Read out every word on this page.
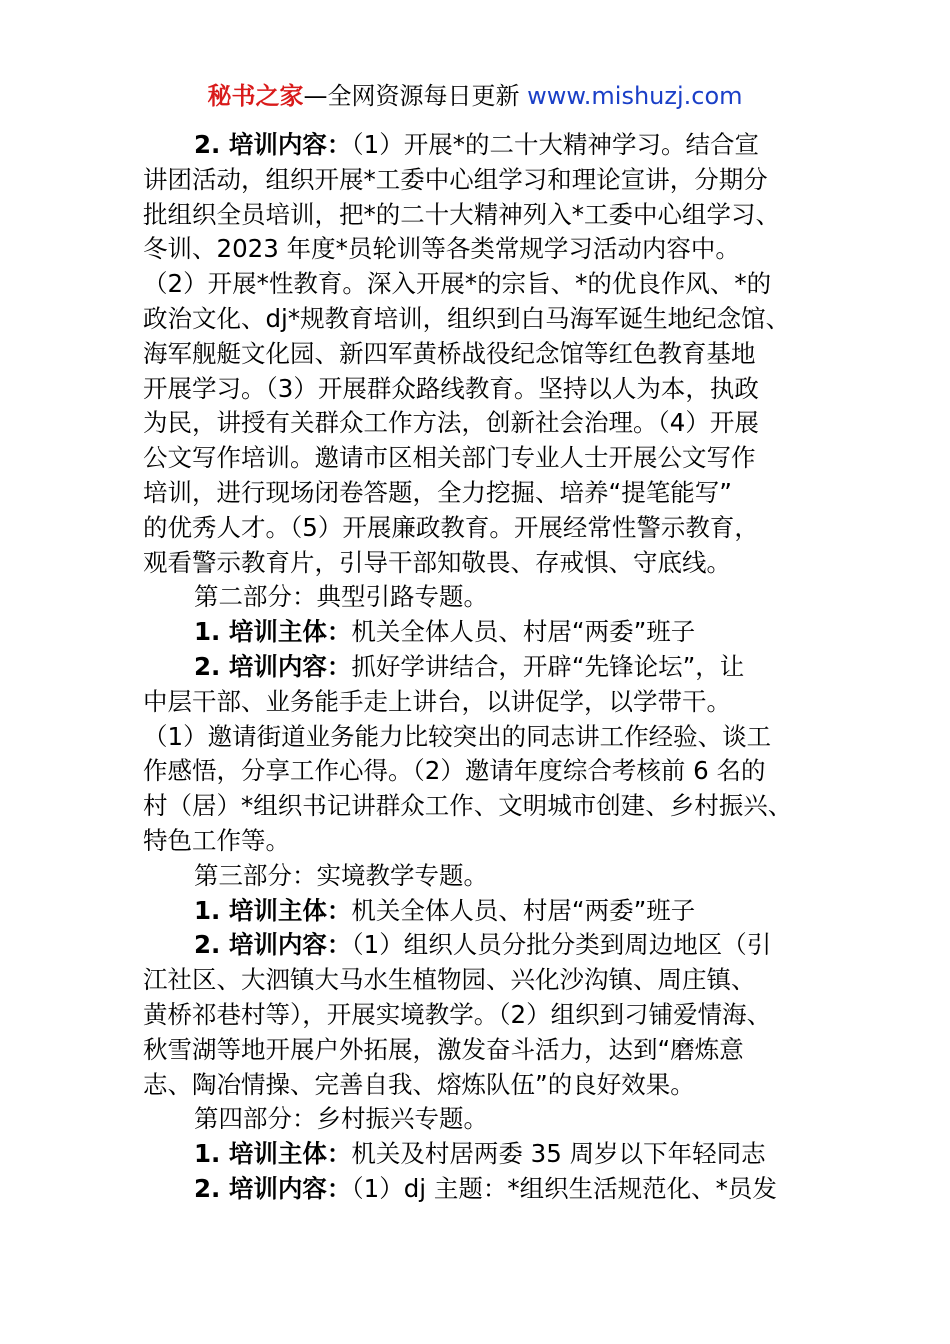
秘书之家—全网资源每日更新 www.mishuzj.com
2. 培训内容：（1）开展*的二十大精神学习。结合宣
讲团活动，组织开展*工委中心组学习和理论宣讲，分期分
批组织全员培训，把*的二十大精神列入*工委中心组学习、
冬训、2023 年度*员轮训等各类常规学习活动内容中。
（2）开展*性教育。深入开展*的宗旨、*的优良作风、*的
政治文化、dj*规教育培训，组织到白马海军诞生地纪念馆、
海军舰艇文化园、新四军黄桥战役纪念馆等红色教育基地
开展学习。（3）开展群众路线教育。坚持以人为本，执政
为民，讲授有关群众工作方法，创新社会治理。（4）开展
公文写作培训。邀请市区相关部门专业人士开展公文写作
培训，进行现场闭卷答题，全力挖掘、培养“提笔能写”
的优秀人才。（5）开展廉政教育。开展经常性警示教育，
观看警示教育片，引导干部知敬畏、存戒惧、守底线。
第二部分：典型引路专题。
1. 培训主体：机关全体人员、村居“两委”班子
2. 培训内容：抓好学讲结合，开辟“先锋论坛”，让
中层干部、业务能手走上讲台，以讲促学，以学带干。
（1）邀请街道业务能力比较突出的同志讲工作经验、谈工
作感悟，分享工作心得。（2）邀请年度综合考核前 6 名的
村（居）*组织书记讲群众工作、文明城市创建、乡村振兴、
特色工作等。
第三部分：实境教学专题。
1. 培训主体：机关全体人员、村居“两委”班子
2. 培训内容：（1）组织人员分批分类到周边地区（引
江社区、大泗镇大马水生植物园、兴化沙沟镇、周庄镇、
黄桥祁巷村等），开展实境教学。（2）组织到刁铺爱情海、
秋雪湖等地开展户外拓展，激发奋斗活力，达到“磨炼意
志、陶冶情操、完善自我、熔炼队伍”的良好效果。
第四部分：乡村振兴专题。
1. 培训主体：机关及村居两委 35 周岁以下年轻同志
2. 培训内容：（1）dj 主题：*组织生活规范化、*员发
